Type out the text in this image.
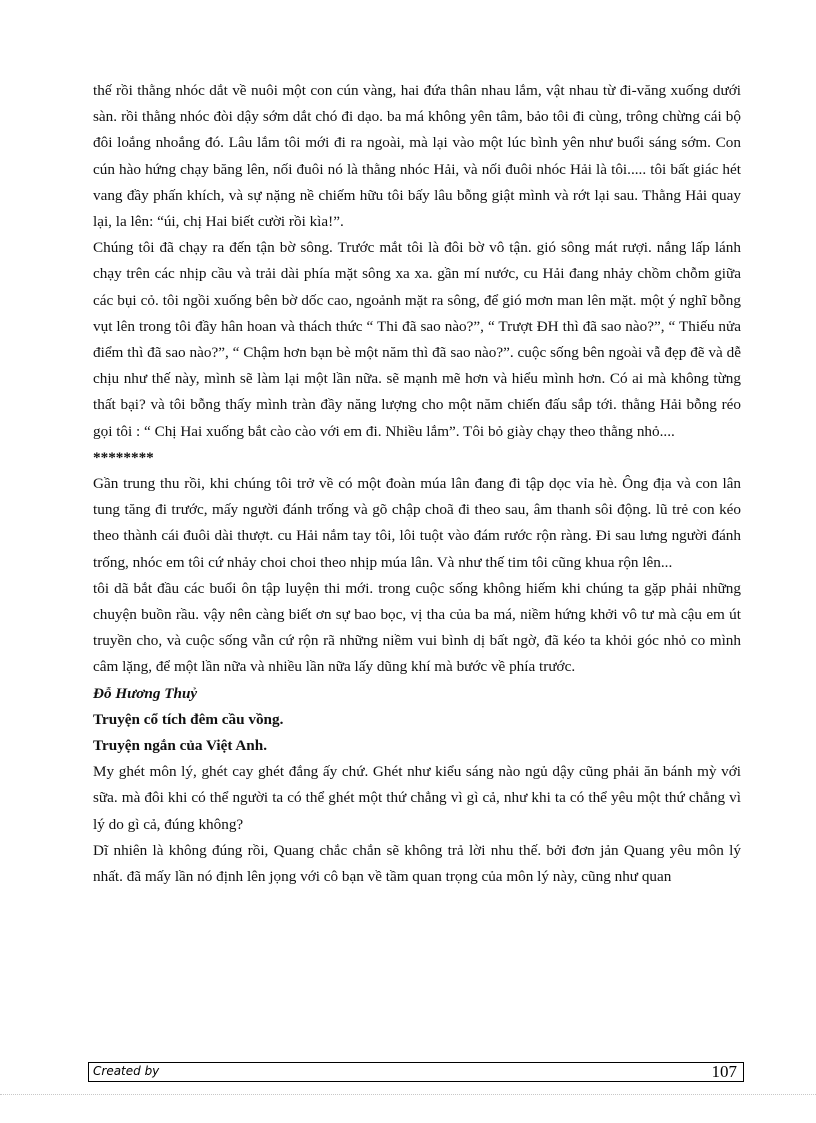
thế rồi thằng nhóc dắt về nuôi một con cún vàng, hai đứa thân nhau lắm, vật nhau từ đi-văng xuống dưới sàn. rồi thằng nhóc đòi dậy sớm dắt chó đi dạo. ba má không yên tâm, bảo tôi đi cùng, trông chừng cái bộ đôi loắng nhoắng đó. Lâu lắm tôi mới đi ra ngoài, mà lại vào một lúc bình yên như buổi sáng sớm. Con cún hào hứng chạy băng lên, nối đuôi nó là thằng nhóc Hải, và nối đuôi nhóc Hải là tôi..... tôi bất giác hét vang đầy phấn khích, và sự nặng nề chiếm hữu tôi bấy lâu bỗng giật mình và rớt lại sau. Thằng Hải quay lại, la lên: “úi, chị Hai biết cười rồi kìa!”.

Chúng tôi đã chạy ra đến tận bờ sông. Trước mắt tôi là đôi bờ vô tận. gió sông mát rượi. nắng lấp lánh chạy trên các nhịp cầu và trải dài phía mặt sông xa xa. gần mí nước, cu Hải đang nhảy chồm chỗm giữa các bụi cỏ. tôi ngồi xuống bên bờ dốc cao, ngoảnh mặt ra sông, để gió mơn man lên mặt. một ý nghĩ bỗng vụt lên trong tôi đầy hân hoan và thách thức “ Thi đã sao nào?”, “ Trượt ĐH thì đã sao nào?”, “ Thiếu nửa điểm thì đã sao nào?”, “ Chậm hơn bạn bè một năm thì đã sao nào?”. cuộc sống bên ngoài vẫ đẹp đẽ và dễ chịu như thế này, mình sẽ làm lại một lần nữa. sẽ mạnh mẽ hơn và hiểu mình hơn. Có ai mà không từng thất bại? và tôi bỗng thấy mình tràn đầy năng lượng cho một năm chiến đấu sắp tới. thằng Hải bỗng réo gọi tôi : “ Chị Hai xuống bắt cào cào với em đi. Nhiều lắm”. Tôi bỏ giày chạy theo thằng nhỏ....

********

Gần trung thu rồi, khi chúng tôi trở về có một đoàn múa lân đang đi tập dọc vỉa hè. Ông địa và con lân tung tăng đi trước, mấy người đánh trống và gõ chập choã đi theo sau, âm thanh sôi động. lũ trẻ con kéo theo thành cái đuôi dài thượt. cu Hải nắm tay tôi, lôi tuột vào đám rước rộn ràng. Đi sau lưng người đánh trống, nhóc em tôi cứ nhảy choi choi theo nhịp múa lân. Và như thế tim tôi cũng khua rộn lên...

tôi dã bắt đầu các buổi ôn tập luyện thi mới. trong cuộc sống không hiếm khi chúng ta gặp phải những chuyện buồn rầu. vậy nên càng biết ơn sự bao bọc, vị tha của ba má, niềm hứng khởi vô tư mà cậu em út truyền cho, và cuộc sống vẫn cứ rộn rã những niềm vui bình dị bất ngờ, đã kéo ta khỏi góc nhỏ co mình câm lặng, để một lần nữa và nhiều lần nữa lấy dũng khí mà bước về phía trước.

Đỗ Hương Thuỷ

Truyện cổ tích đêm cầu vồng.

Truyện ngắn của Việt Anh.

My ghét môn lý, ghét cay ghét đắng ấy chứ. Ghét như kiểu sáng nào ngủ dậy cũng phải ăn bánh mỳ với sữa. mà đôi khi có thể người ta có thể ghét một thứ chẳng vì gì cả, như khi ta có thể yêu một thứ chẳng vì lý do gì cả, đúng không?

Dĩ nhiên là không đúng rồi, Quang chắc chắn sẽ không trả lời nhu thế. bởi đơn jản Quang yêu môn lý nhất. đã mấy lần nó định lên jọng với cô bạn về tầm quan trọng của môn lý này, cũng như quan

Created by	107
